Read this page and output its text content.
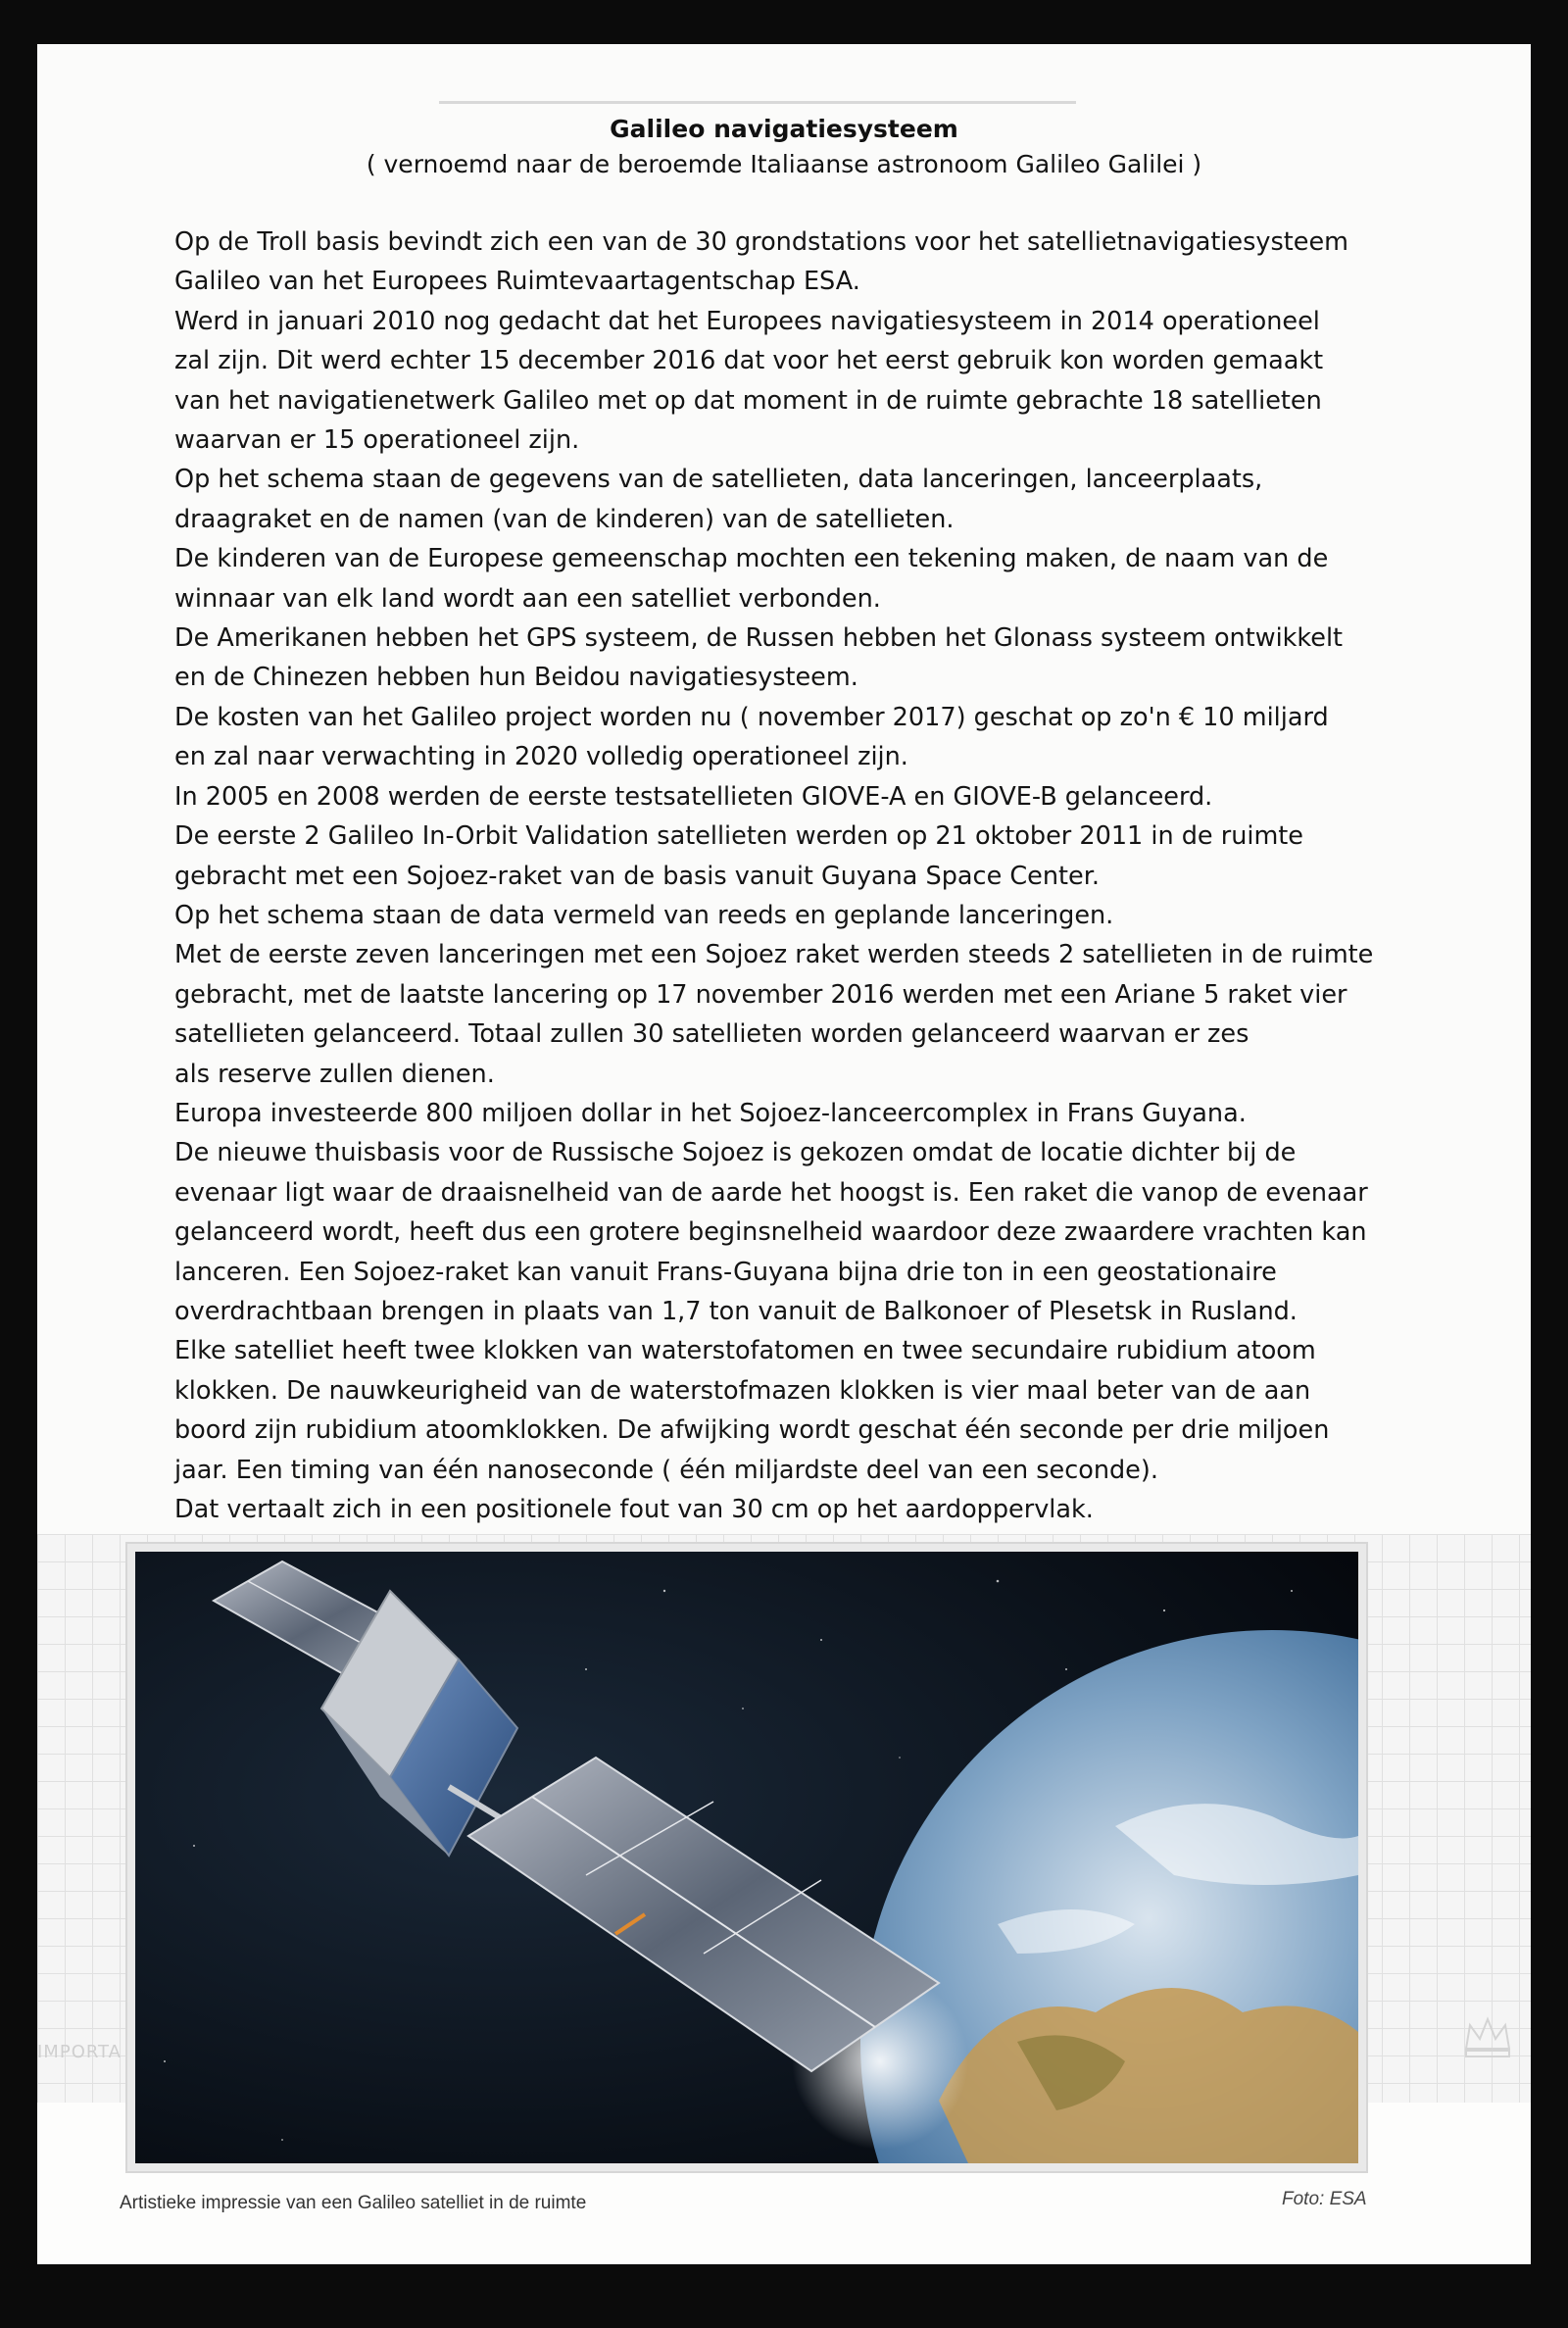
IMPORTA
Galileo navigatiesysteem
( vernoemd naar de beroemde Italiaanse astronoom Galileo Galilei )
Op de Troll basis bevindt zich een van de 30 grondstations voor het satellietnavigatiesysteem
Galileo van het Europees Ruimtevaartagentschap ESA.
Werd in januari 2010 nog gedacht dat het Europees navigatiesysteem in 2014 operationeel
zal zijn. Dit werd echter 15 december 2016 dat voor het eerst gebruik kon worden gemaakt
van het navigatienetwerk Galileo met op dat moment in de ruimte gebrachte 18 satellieten
waarvan er 15 operationeel zijn.
Op het schema staan de gegevens van de satellieten, data lanceringen, lanceerplaats,
draagraket en de namen (van de kinderen) van de satellieten.
De kinderen van de Europese gemeenschap mochten een tekening maken, de naam van de
winnaar van elk land wordt aan een satelliet verbonden.
De Amerikanen hebben het GPS systeem, de Russen hebben het Glonass systeem ontwikkelt
en de Chinezen hebben hun Beidou navigatiesysteem.
De kosten van het Galileo project worden nu ( november 2017) geschat op zo'n € 10 miljard
en zal naar verwachting in 2020 volledig operationeel zijn.
In 2005 en 2008 werden de eerste testsatellieten GIOVE-A en GIOVE-B gelanceerd.
De eerste 2 Galileo In-Orbit Validation satellieten werden op 21 oktober 2011 in de ruimte
gebracht met een Sojoez-raket van de basis vanuit Guyana Space Center.
Op het schema staan de data vermeld van reeds en geplande lanceringen.
Met de eerste zeven lanceringen met een Sojoez raket werden steeds 2 satellieten in de ruimte
gebracht, met de laatste lancering op 17 november 2016 werden met een Ariane 5 raket vier
satellieten gelanceerd. Totaal zullen 30 satellieten worden gelanceerd waarvan er zes
als reserve zullen dienen.
Europa investeerde 800 miljoen dollar in het Sojoez-lanceercomplex in Frans Guyana.
De nieuwe thuisbasis voor de Russische Sojoez is gekozen omdat de locatie dichter bij de
evenaar ligt waar de draaisnelheid van de aarde het hoogst is. Een raket die vanop de evenaar
gelanceerd wordt, heeft dus een grotere beginsnelheid waardoor deze zwaardere vrachten kan
lanceren. Een Sojoez-raket kan vanuit Frans-Guyana bijna drie ton in een geostationaire
overdrachtbaan brengen in plaats van 1,7 ton vanuit de Balkonoer of Plesetsk in Rusland.
Elke satelliet heeft twee klokken van waterstofatomen en twee secundaire rubidium atoom
klokken. De nauwkeurigheid van de waterstofmazen klokken is vier maal beter van de aan
boord zijn rubidium atoomklokken. De afwijking wordt geschat één seconde per drie miljoen
jaar. Een timing van één nanoseconde ( één miljardste deel van een seconde).
Dat vertaalt zich in een positionele fout van 30 cm op het aardoppervlak.
Artistieke impressie van een Galileo satelliet in de ruimte	Foto: ESA
